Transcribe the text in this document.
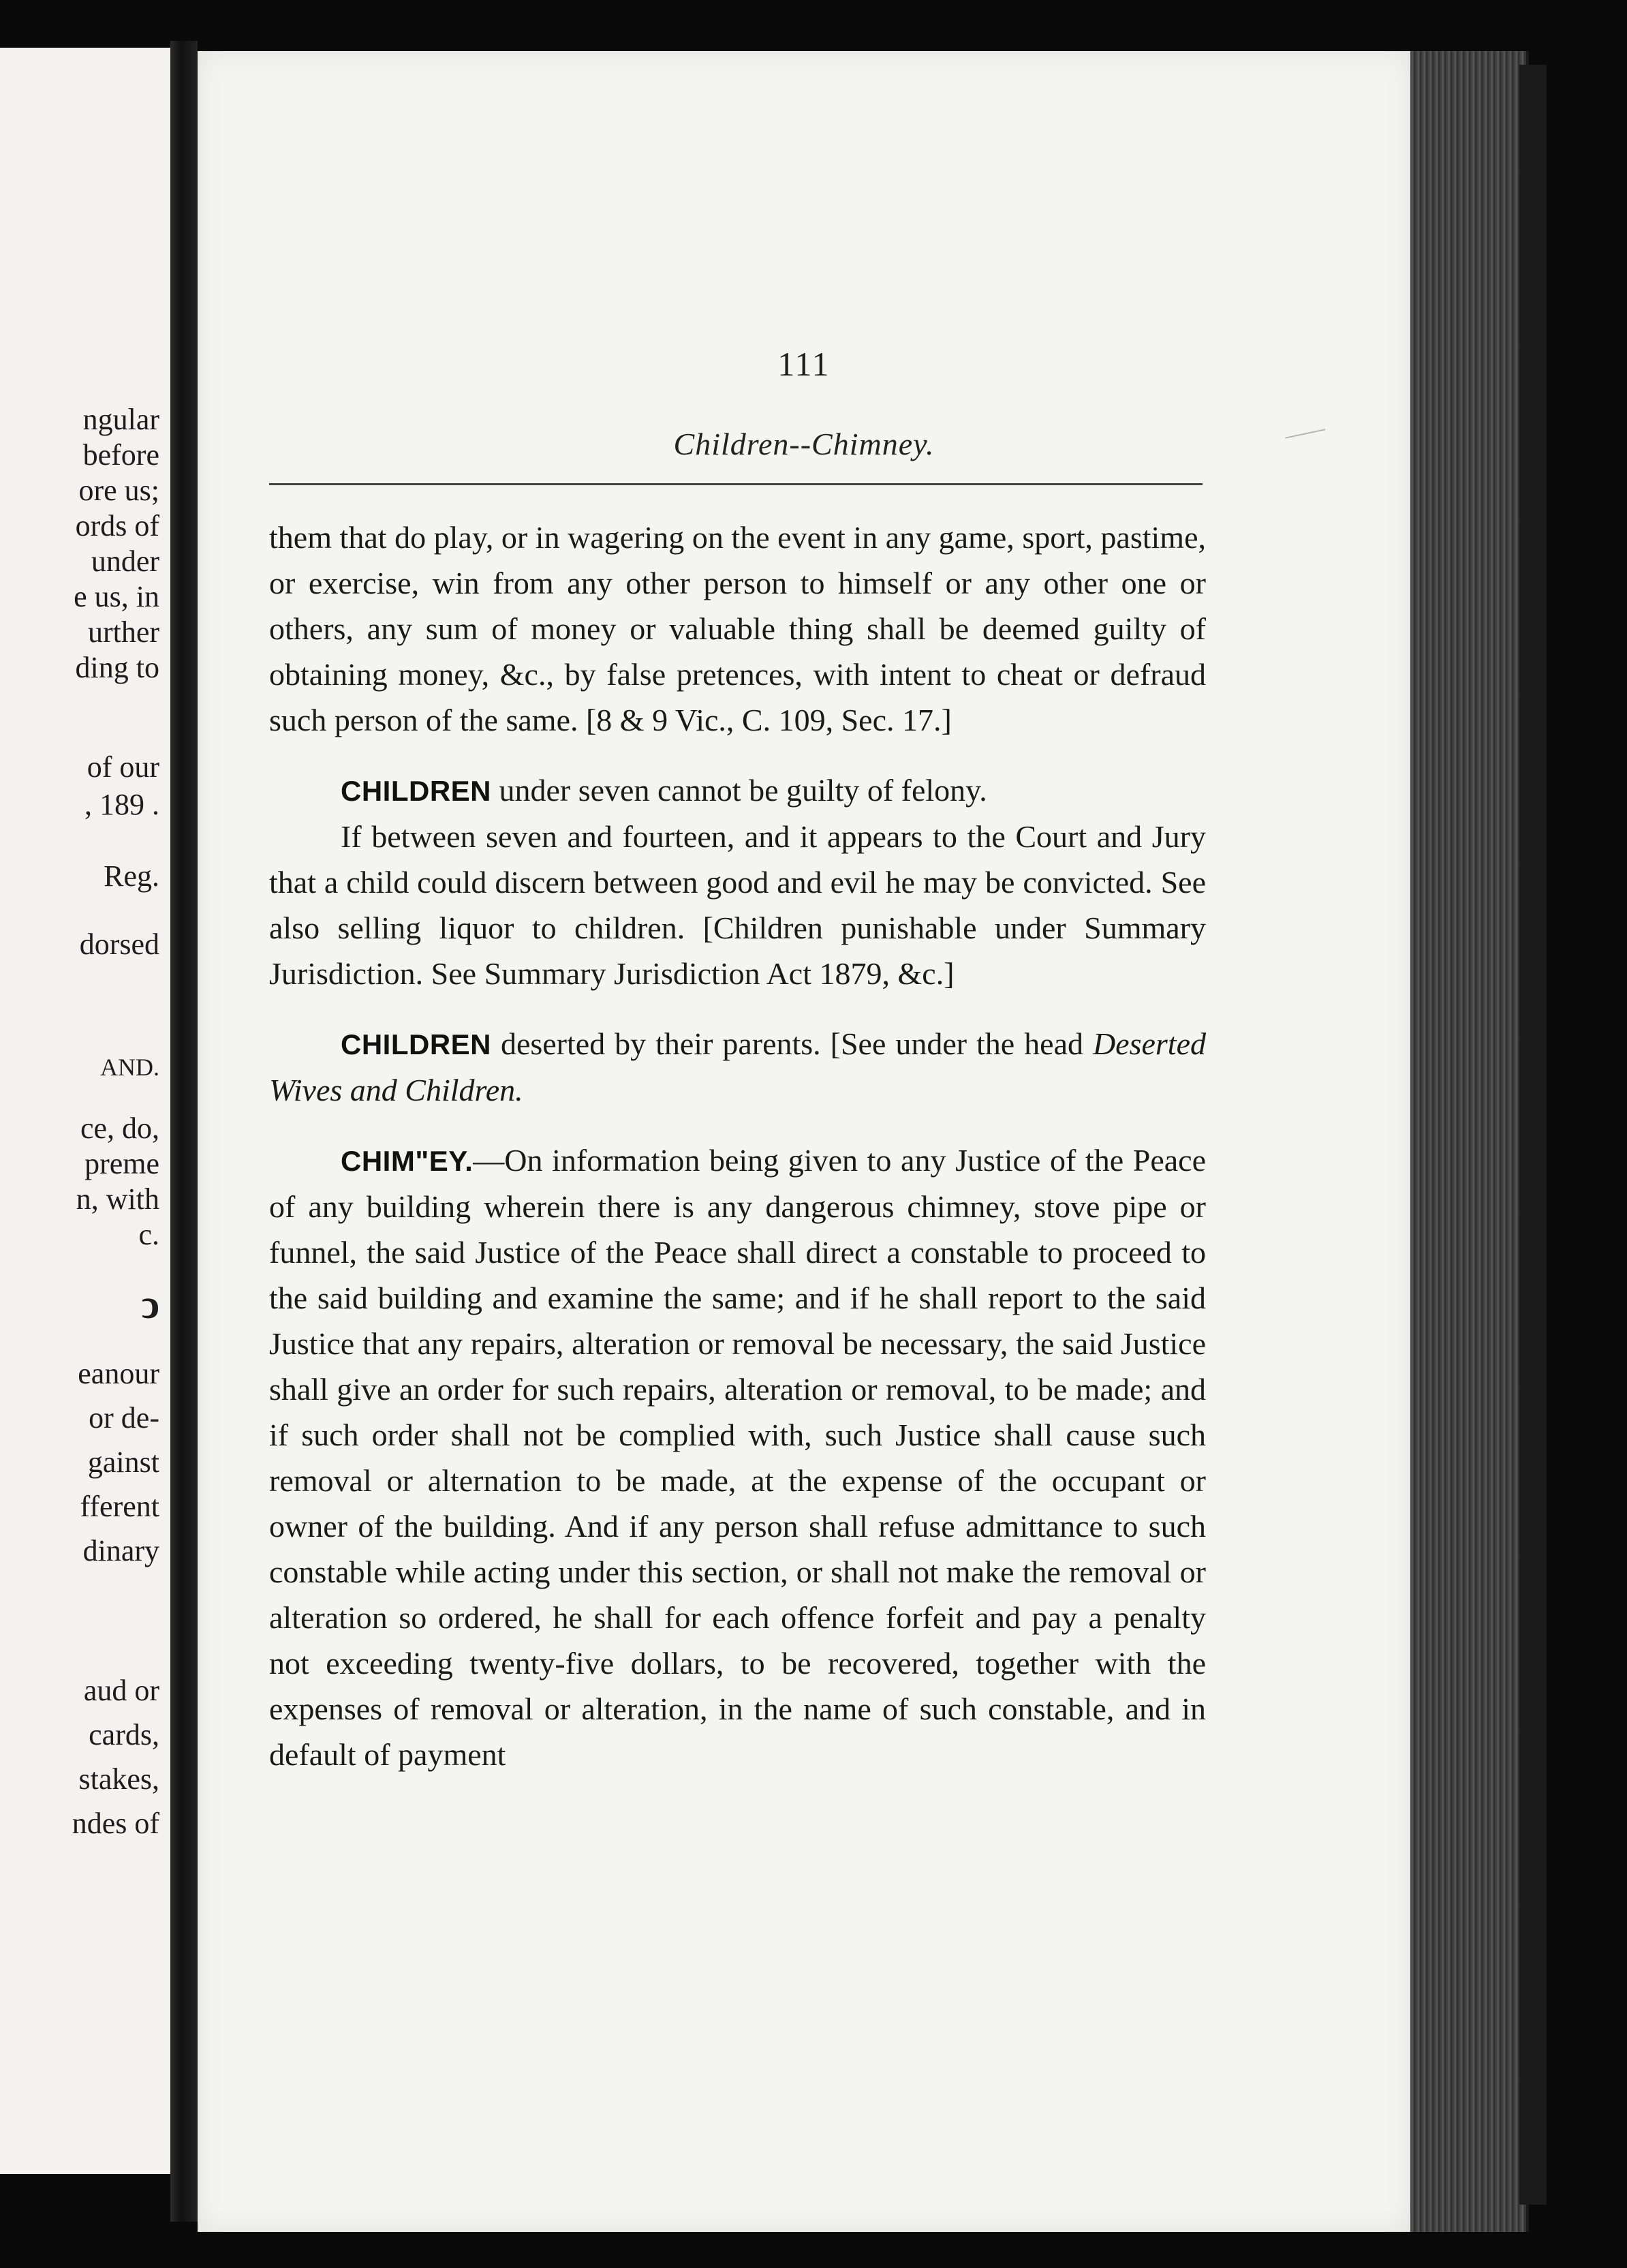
ngular
before
ore us;
ords of
under
e us, in
urther
ding to
of our
, 189 .
Reg.
dorsed
AND.
ce, do,
preme
n, with
c.
ↄ
eanour
or de-
gainst
fferent
dinary
aud or
cards,
stakes,
ndes of
111
Children--Chimney.

them that do play, or in wagering on the event in any game, sport, pastime, or exercise, win from any other person to himself or any other one or others, any sum of money or valuable thing shall be deemed guilty of obtaining money, &c., by false pretences, with intent to cheat or defraud such person of the same. [8 & 9 Vic., C. 109, Sec. 17.]

CHILDREN under seven cannot be guilty of felony.

If between seven and fourteen, and it appears to the Court and Jury that a child could discern between good and evil he may be convicted. See also selling liquor to children. [Children punishable under Summary Jurisdiction. See Summary Jurisdiction Act 1879, &c.]

CHILDREN deserted by their parents. [See under the head Deserted Wives and Children.

CHIM"EY.—On information being given to any Justice of the Peace of any building wherein there is any dangerous chimney, stove pipe or funnel, the said Justice of the Peace shall direct a constable to proceed to the said building and examine the same; and if he shall report to the said Justice that any repairs, alteration or removal be necessary, the said Justice shall give an order for such repairs, alteration or removal, to be made; and if such order shall not be complied with, such Justice shall cause such removal or alternation to be made, at the expense of the occupant or owner of the building. And if any person shall refuse admittance to such constable while acting under this section, or shall not make the removal or alteration so ordered, he shall for each offence forfeit and pay a penalty not exceeding twenty-five dollars, to be recovered, together with the expenses of removal or alteration, in the name of such constable, and in default of payment
